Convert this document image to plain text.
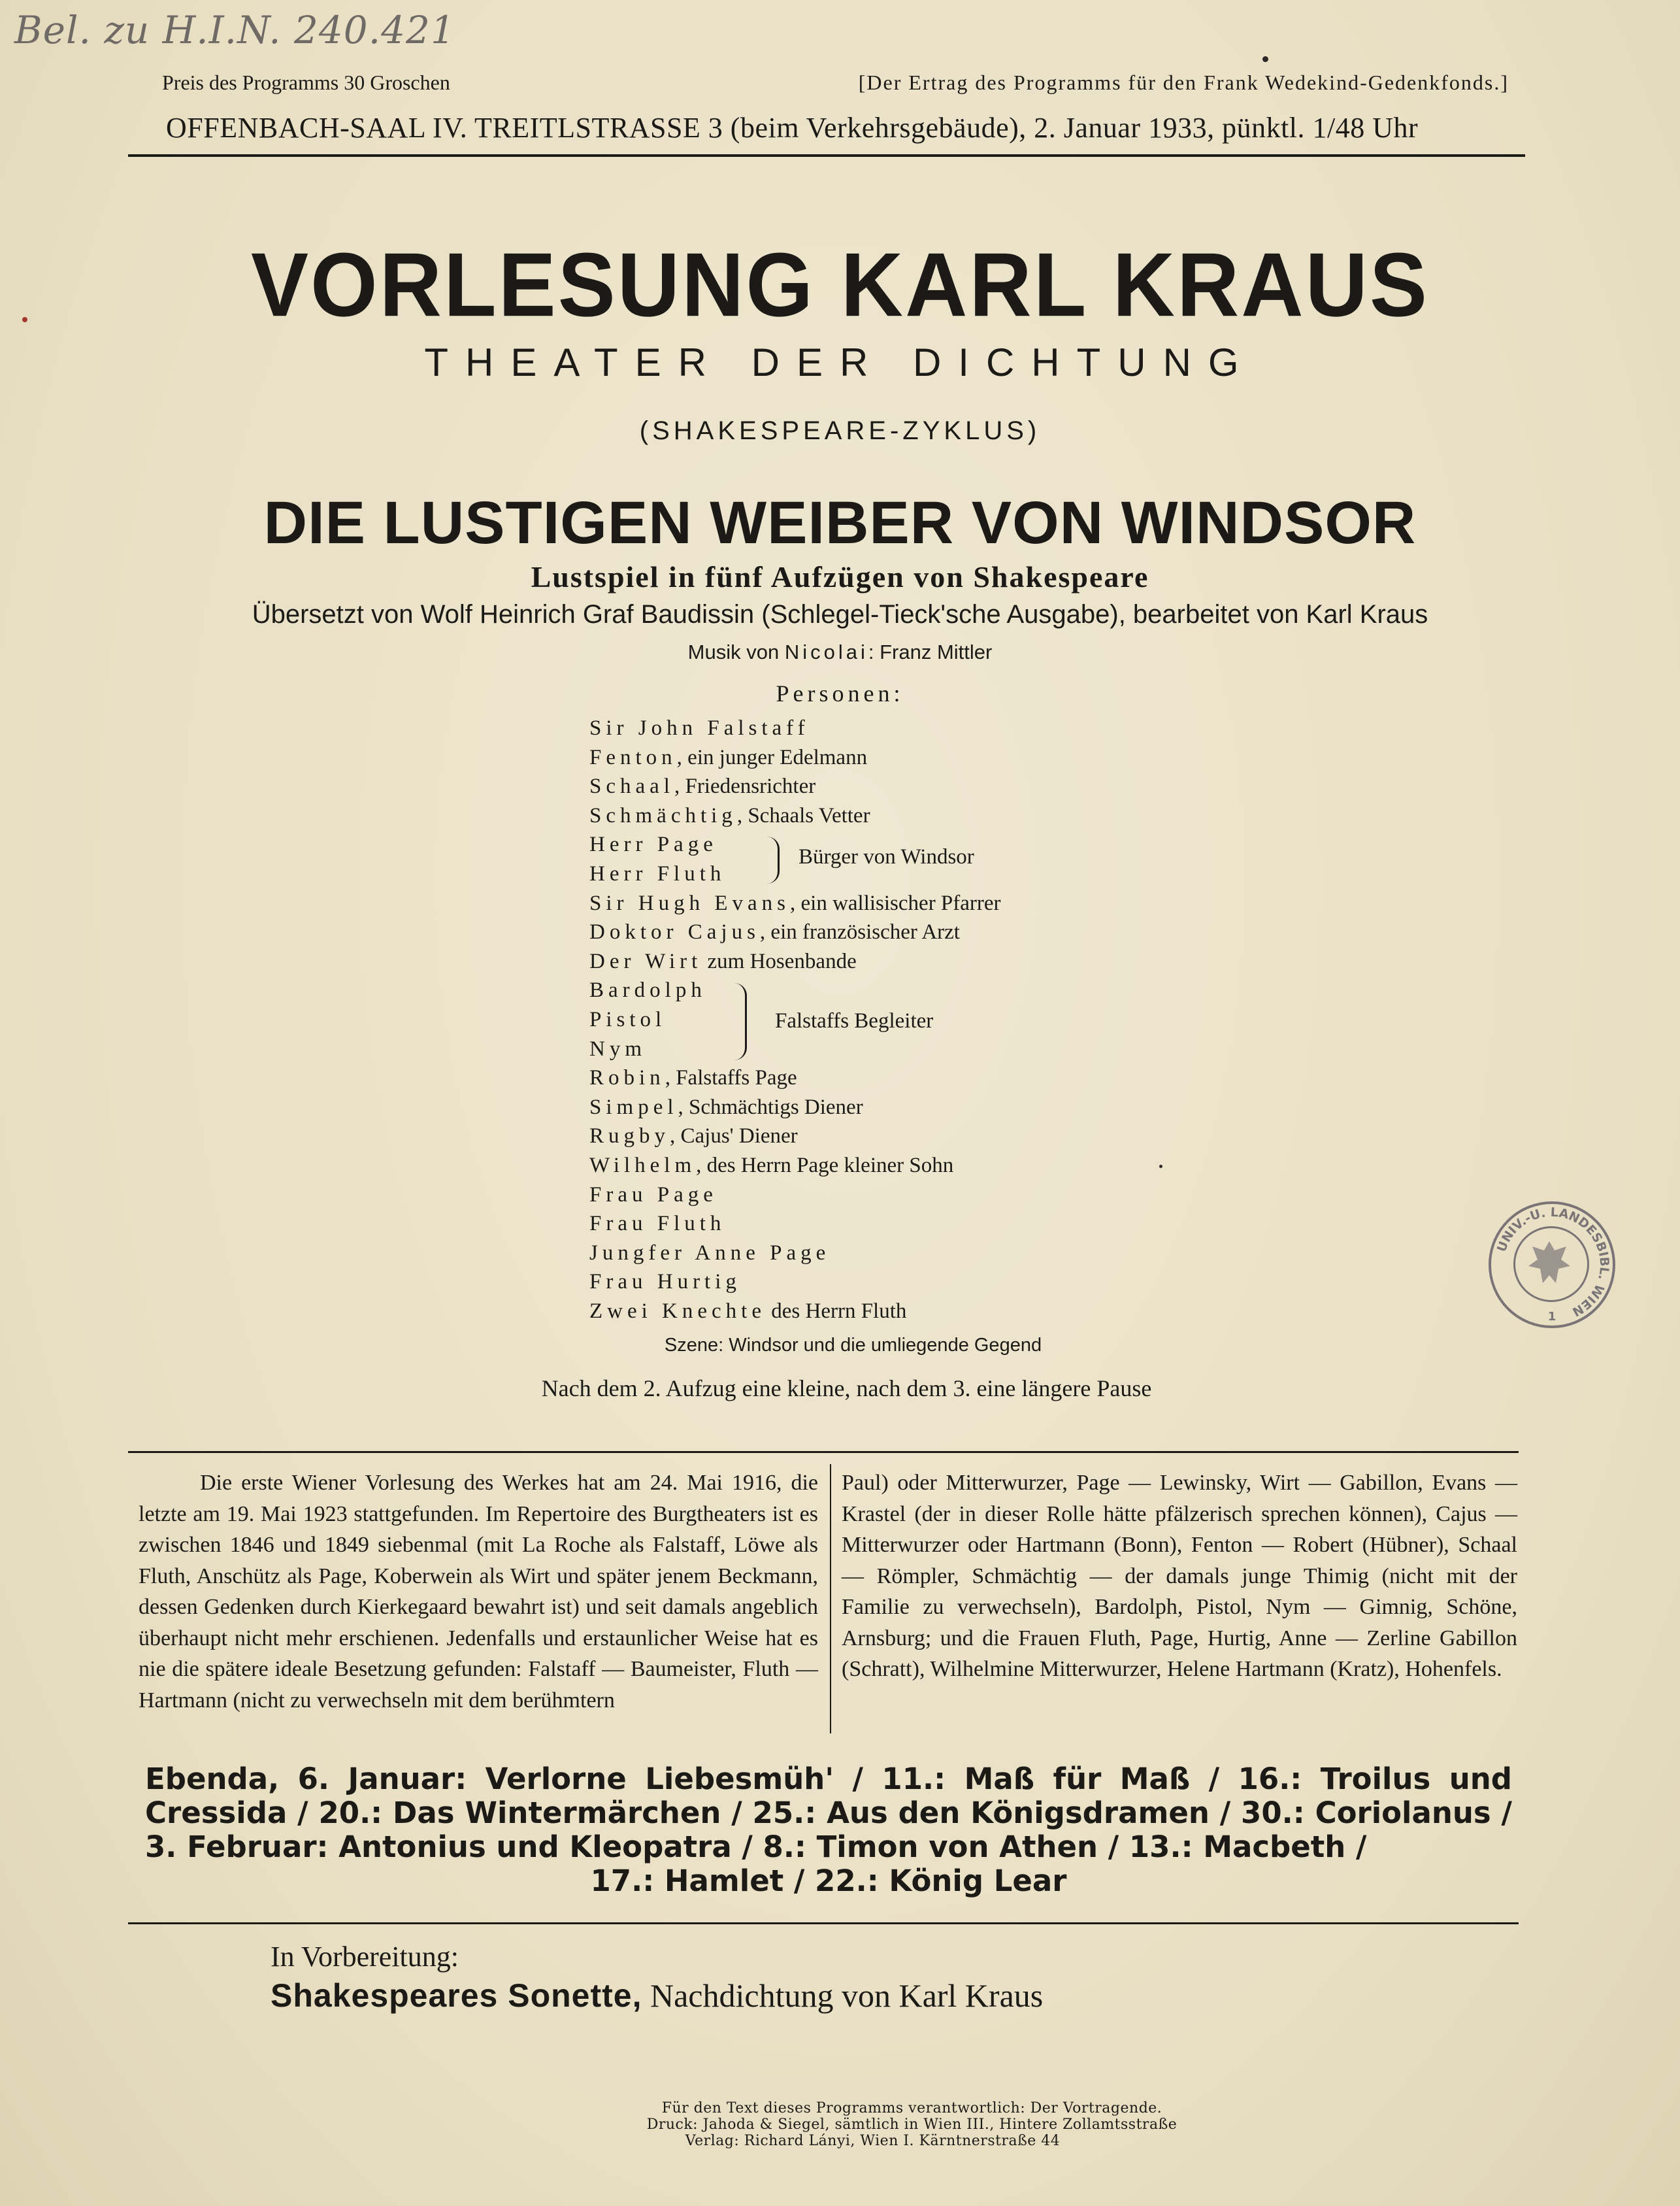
Bel. zu H.I.N. 240.421
Preis des Programms 30 Groschen	[Der Ertrag des Programms für den Frank Wedekind-Gedenkfonds.]
OFFENBACH-SAAL IV. TREITLSTRASSE 3 (beim Verkehrsgebäude), 2. Januar 1933, pünktl. 1/48 Uhr
VORLESUNG KARL KRAUS
THEATER DER DICHTUNG
(SHAKESPEARE-ZYKLUS)
DIE LUSTIGEN WEIBER VON WINDSOR
Lustspiel in fünf Aufzügen von Shakespeare
Übersetzt von Wolf Heinrich Graf Baudissin (Schlegel-Tieck'sche Ausgabe), bearbeitet von Karl Kraus
Musik von Nicolai: Franz Mittler
Personen:
Sir John Falstaff
Fenton, ein junger Edelmann
Schaal, Friedensrichter
Schmächtig, Schaals Vetter
Herr Page
Herr Fluth
Sir Hugh Evans, ein wallisischer Pfarrer
Doktor Cajus, ein französischer Arzt
Der Wirt zum Hosenbande
Bardolph
Pistol
Nym
Robin, Falstaffs Page
Simpel, Schmächtigs Diener
Rugby, Cajus' Diener
Wilhelm, des Herrn Page kleiner Sohn
Frau Page
Frau Fluth
Jungfer Anne Page
Frau Hurtig
Zwei Knechte des Herrn Fluth
Bürger von Windsor
Falstaffs Begleiter
Szene: Windsor und die umliegende Gegend
Nach dem 2. Aufzug eine kleine, nach dem 3. eine längere Pause

Die erste Wiener Vorlesung des Werkes hat am 24. Mai 1916, die letzte am 19. Mai 1923 stattgefunden. Im Repertoire des Burgtheaters ist es zwischen 1846 und 1849 siebenmal (mit La Roche als Falstaff, Löwe als Fluth, Anschütz als Page, Koberwein als Wirt und später jenem Beckmann, dessen Gedenken durch Kierkegaard bewahrt ist) und seit damals angeblich überhaupt nicht mehr erschienen. Jedenfalls und erstaunlicher Weise hat es nie die spätere ideale Besetzung gefunden: Falstaff — Baumeister, Fluth — Hartmann (nicht zu verwechseln mit dem berühmtern

Paul) oder Mitterwurzer, Page — Lewinsky, Wirt — Gabillon, Evans — Krastel (der in dieser Rolle hätte pfälzerisch sprechen können), Cajus — Mitterwurzer oder Hartmann (Bonn), Fenton — Robert (Hübner), Schaal — Römpler, Schmächtig — der damals junge Thimig (nicht mit der Familie zu verwechseln), Bardolph, Pistol, Nym — Gimnig, Schöne, Arnsburg; und die Frauen Fluth, Page, Hurtig, Anne — Zerline Gabillon (Schratt), Wilhelmine Mitterwurzer, Helene Hartmann (Kratz), Hohenfels.

Ebenda, 6. Januar: Verlorne Liebesmüh' / 11.: Maß für Maß / 16.: Troilus und Cressida / 20.: Das Wintermärchen / 25.: Aus den Königsdramen / 30.: Coriolanus / 3. Februar: Antonius und Kleopatra / 8.: Timon von Athen / 13.: Macbeth /

17.: Hamlet / 22.: König Lear

In Vorbereitung:
Shakespeares Sonette, Nachdichtung von Karl Kraus
Für den Text dieses Programms verantwortlich: Der Vortragende.
Druck: Jahoda & Siegel, sämtlich in Wien III., Hintere Zollamtsstraße
Verlag: Richard Lányi, Wien I. Kärntnerstraße 44
UNIV.-U. LANDESBIBL. WIEN
1
